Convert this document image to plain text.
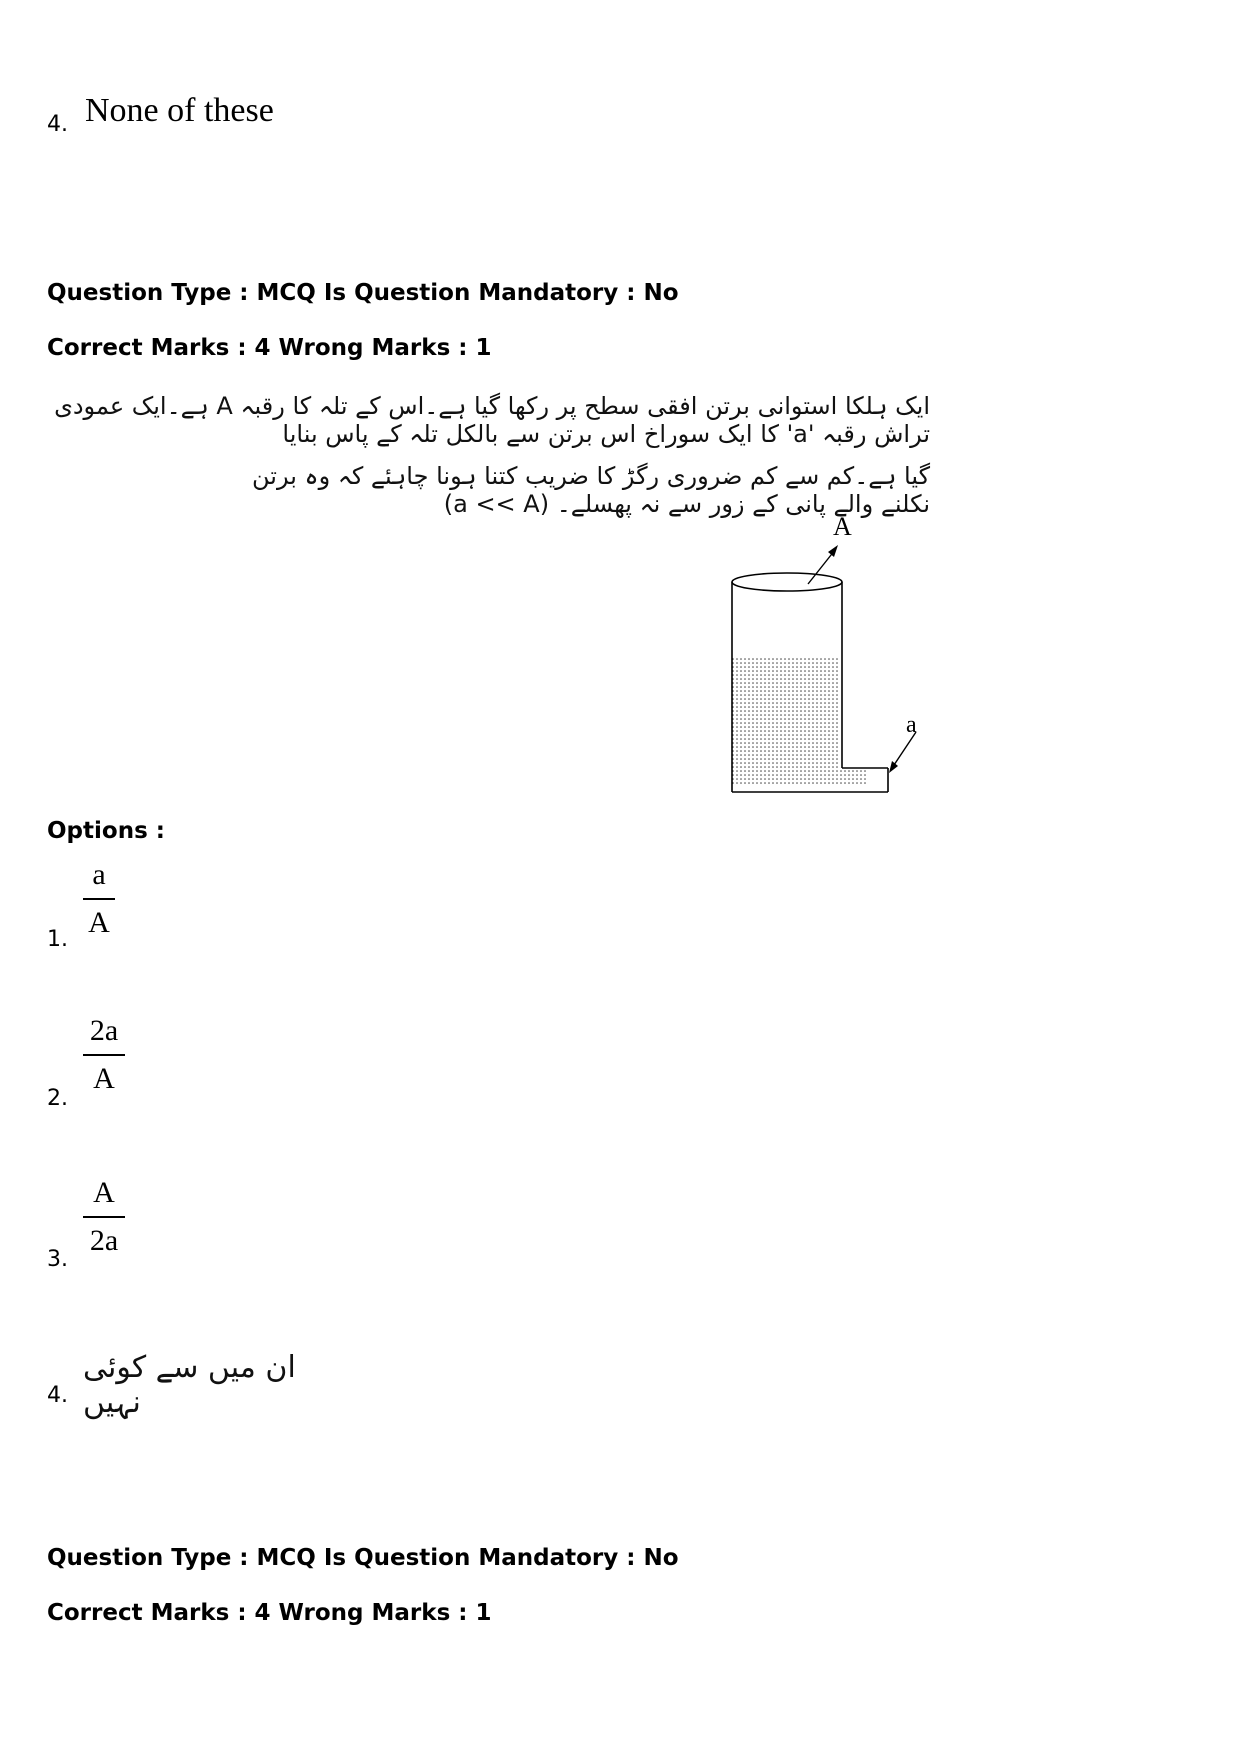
4. None of these
Question Type : MCQ Is Question Mandatory : No
Correct Marks : 4 Wrong Marks : 1
ایک ہلکا استوانی برتن افقی سطح پر رکھا گیا ہے۔اس کے تلہ کا رقبہ A ہے۔ایک عمودی تراش رقبہ 'a' کا ایک سوراخ اس برتن سے بالکل تلہ کے پاس بنایا
گیا ہے۔کم سے کم ضروری رگڑ کا ضریب کتنا ہونا چاہئے کہ وہ برتن نکلنے والے پانی کے زور سے نہ پھسلے۔ (a << A)
A
a
Options :
1.
a
A
2.
2a
A
3.
A
2a
4.
ان میں سے کوئی نہیں
Question Type : MCQ Is Question Mandatory : No
Correct Marks : 4 Wrong Marks : 1
